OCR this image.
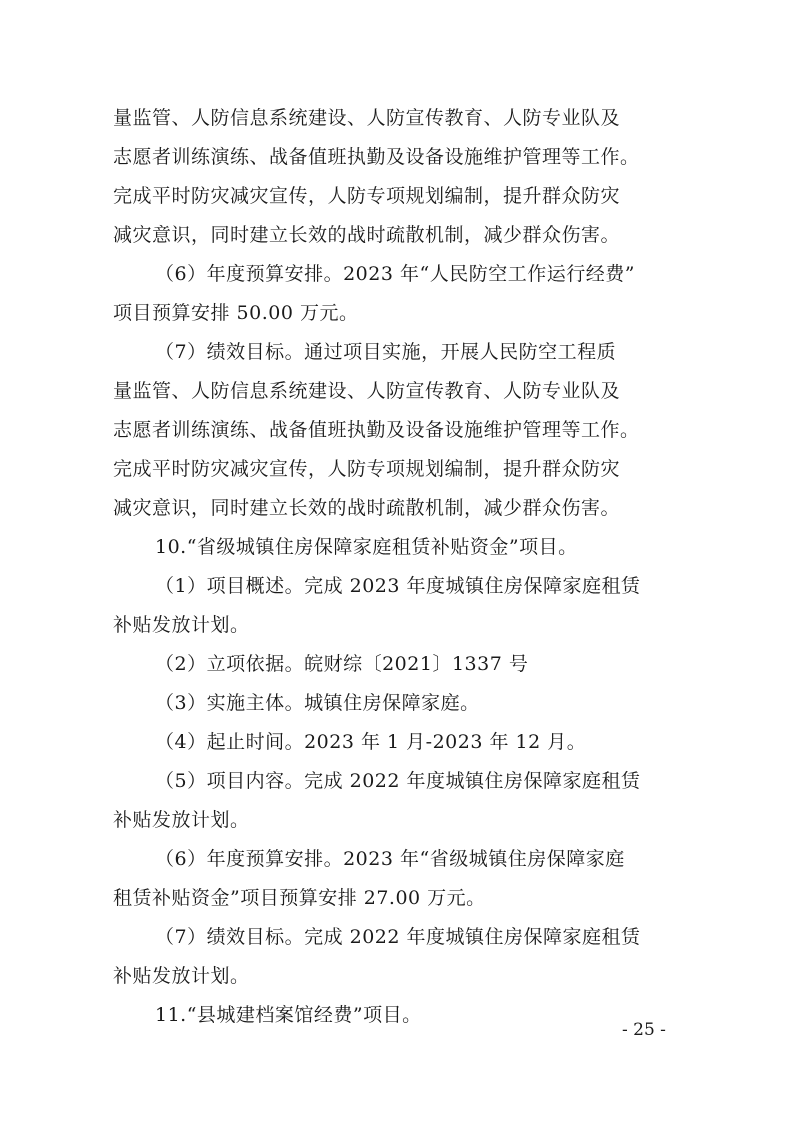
量监管、人防信息系统建设、人防宣传教育、人防专业队及
志愿者训练演练、战备值班执勤及设备设施维护管理等工作。
完成平时防灾减灾宣传，人防专项规划编制，提升群众防灾
减灾意识，同时建立长效的战时疏散机制，减少群众伤害。
（6）年度预算安排。2023 年“人民防空工作运行经费”
项目预算安排 50.00 万元。
（7）绩效目标。通过项目实施，开展人民防空工程质
量监管、人防信息系统建设、人防宣传教育、人防专业队及
志愿者训练演练、战备值班执勤及设备设施维护管理等工作。
完成平时防灾减灾宣传，人防专项规划编制，提升群众防灾
减灾意识，同时建立长效的战时疏散机制，减少群众伤害。
10.“省级城镇住房保障家庭租赁补贴资金”项目。
（1）项目概述。完成 2023 年度城镇住房保障家庭租赁
补贴发放计划。
（2）立项依据。皖财综〔2021〕1337 号
（3）实施主体。城镇住房保障家庭。
（4）起止时间。2023 年 1 月-2023 年 12 月。
（5）项目内容。完成 2022 年度城镇住房保障家庭租赁
补贴发放计划。
（6）年度预算安排。2023 年“省级城镇住房保障家庭
租赁补贴资金”项目预算安排 27.00 万元。
（7）绩效目标。完成 2022 年度城镇住房保障家庭租赁
补贴发放计划。
11.“县城建档案馆经费”项目。
- 25 -
